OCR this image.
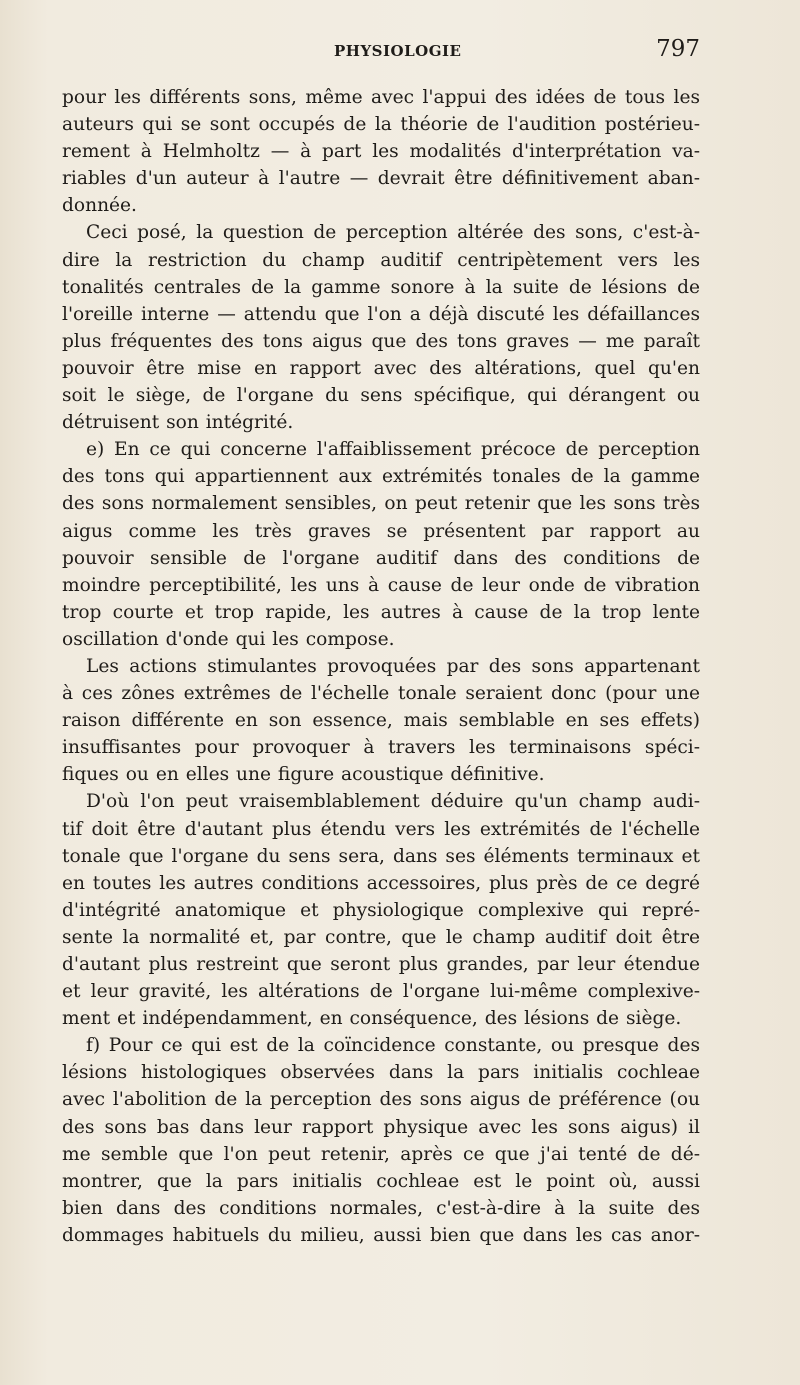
PHYSIOLOGIE	797

pour les différents sons, même avec l'appui des idées de tous les
auteurs qui se sont occupés de la théorie de l'audition postérieu-
rement à Helmholtz — à part les modalités d'interprétation va-
riables d'un auteur à l'autre — devrait être définitivement aban-
donnée.

Ceci posé, la question de perception altérée des sons, c'est-à-
dire la restriction du champ auditif centripètement vers les
tonalités centrales de la gamme sonore à la suite de lésions de
l'oreille interne — attendu que l'on a déjà discuté les défaillances
plus fréquentes des tons aigus que des tons graves — me paraît
pouvoir être mise en rapport avec des altérations, quel qu'en
soit le siège, de l'organe du sens spécifique, qui dérangent ou
détruisent son intégrité.

e) En ce qui concerne l'affaiblissement précoce de perception
des tons qui appartiennent aux extrémités tonales de la gamme
des sons normalement sensibles, on peut retenir que les sons très
aigus comme les très graves se présentent par rapport au
pouvoir sensible de l'organe auditif dans des conditions de
moindre perceptibilité, les uns à cause de leur onde de vibration
trop courte et trop rapide, les autres à cause de la trop lente
oscillation d'onde qui les compose.

Les actions stimulantes provoquées par des sons appartenant
à ces zônes extrêmes de l'échelle tonale seraient donc (pour une
raison différente en son essence, mais semblable en ses effets)
insuffisantes pour provoquer à travers les terminaisons spéci-
fiques ou en elles une figure acoustique définitive.

D'où l'on peut vraisemblablement déduire qu'un champ audi-
tif doit être d'autant plus étendu vers les extrémités de l'échelle
tonale que l'organe du sens sera, dans ses éléments terminaux et
en toutes les autres conditions accessoires, plus près de ce degré
d'intégrité anatomique et physiologique complexive qui repré-
sente la normalité et, par contre, que le champ auditif doit être
d'autant plus restreint que seront plus grandes, par leur étendue
et leur gravité, les altérations de l'organe lui-même complexive-
ment et indépendamment, en conséquence, des lésions de siège.

f) Pour ce qui est de la coïncidence constante, ou presque des
lésions histologiques observées dans la pars initialis cochleae
avec l'abolition de la perception des sons aigus de préférence (ou
des sons bas dans leur rapport physique avec les sons aigus) il
me semble que l'on peut retenir, après ce que j'ai tenté de dé-
montrer, que la pars initialis cochleae est le point où, aussi
bien dans des conditions normales, c'est-à-dire à la suite des
dommages habituels du milieu, aussi bien que dans les cas anor-
